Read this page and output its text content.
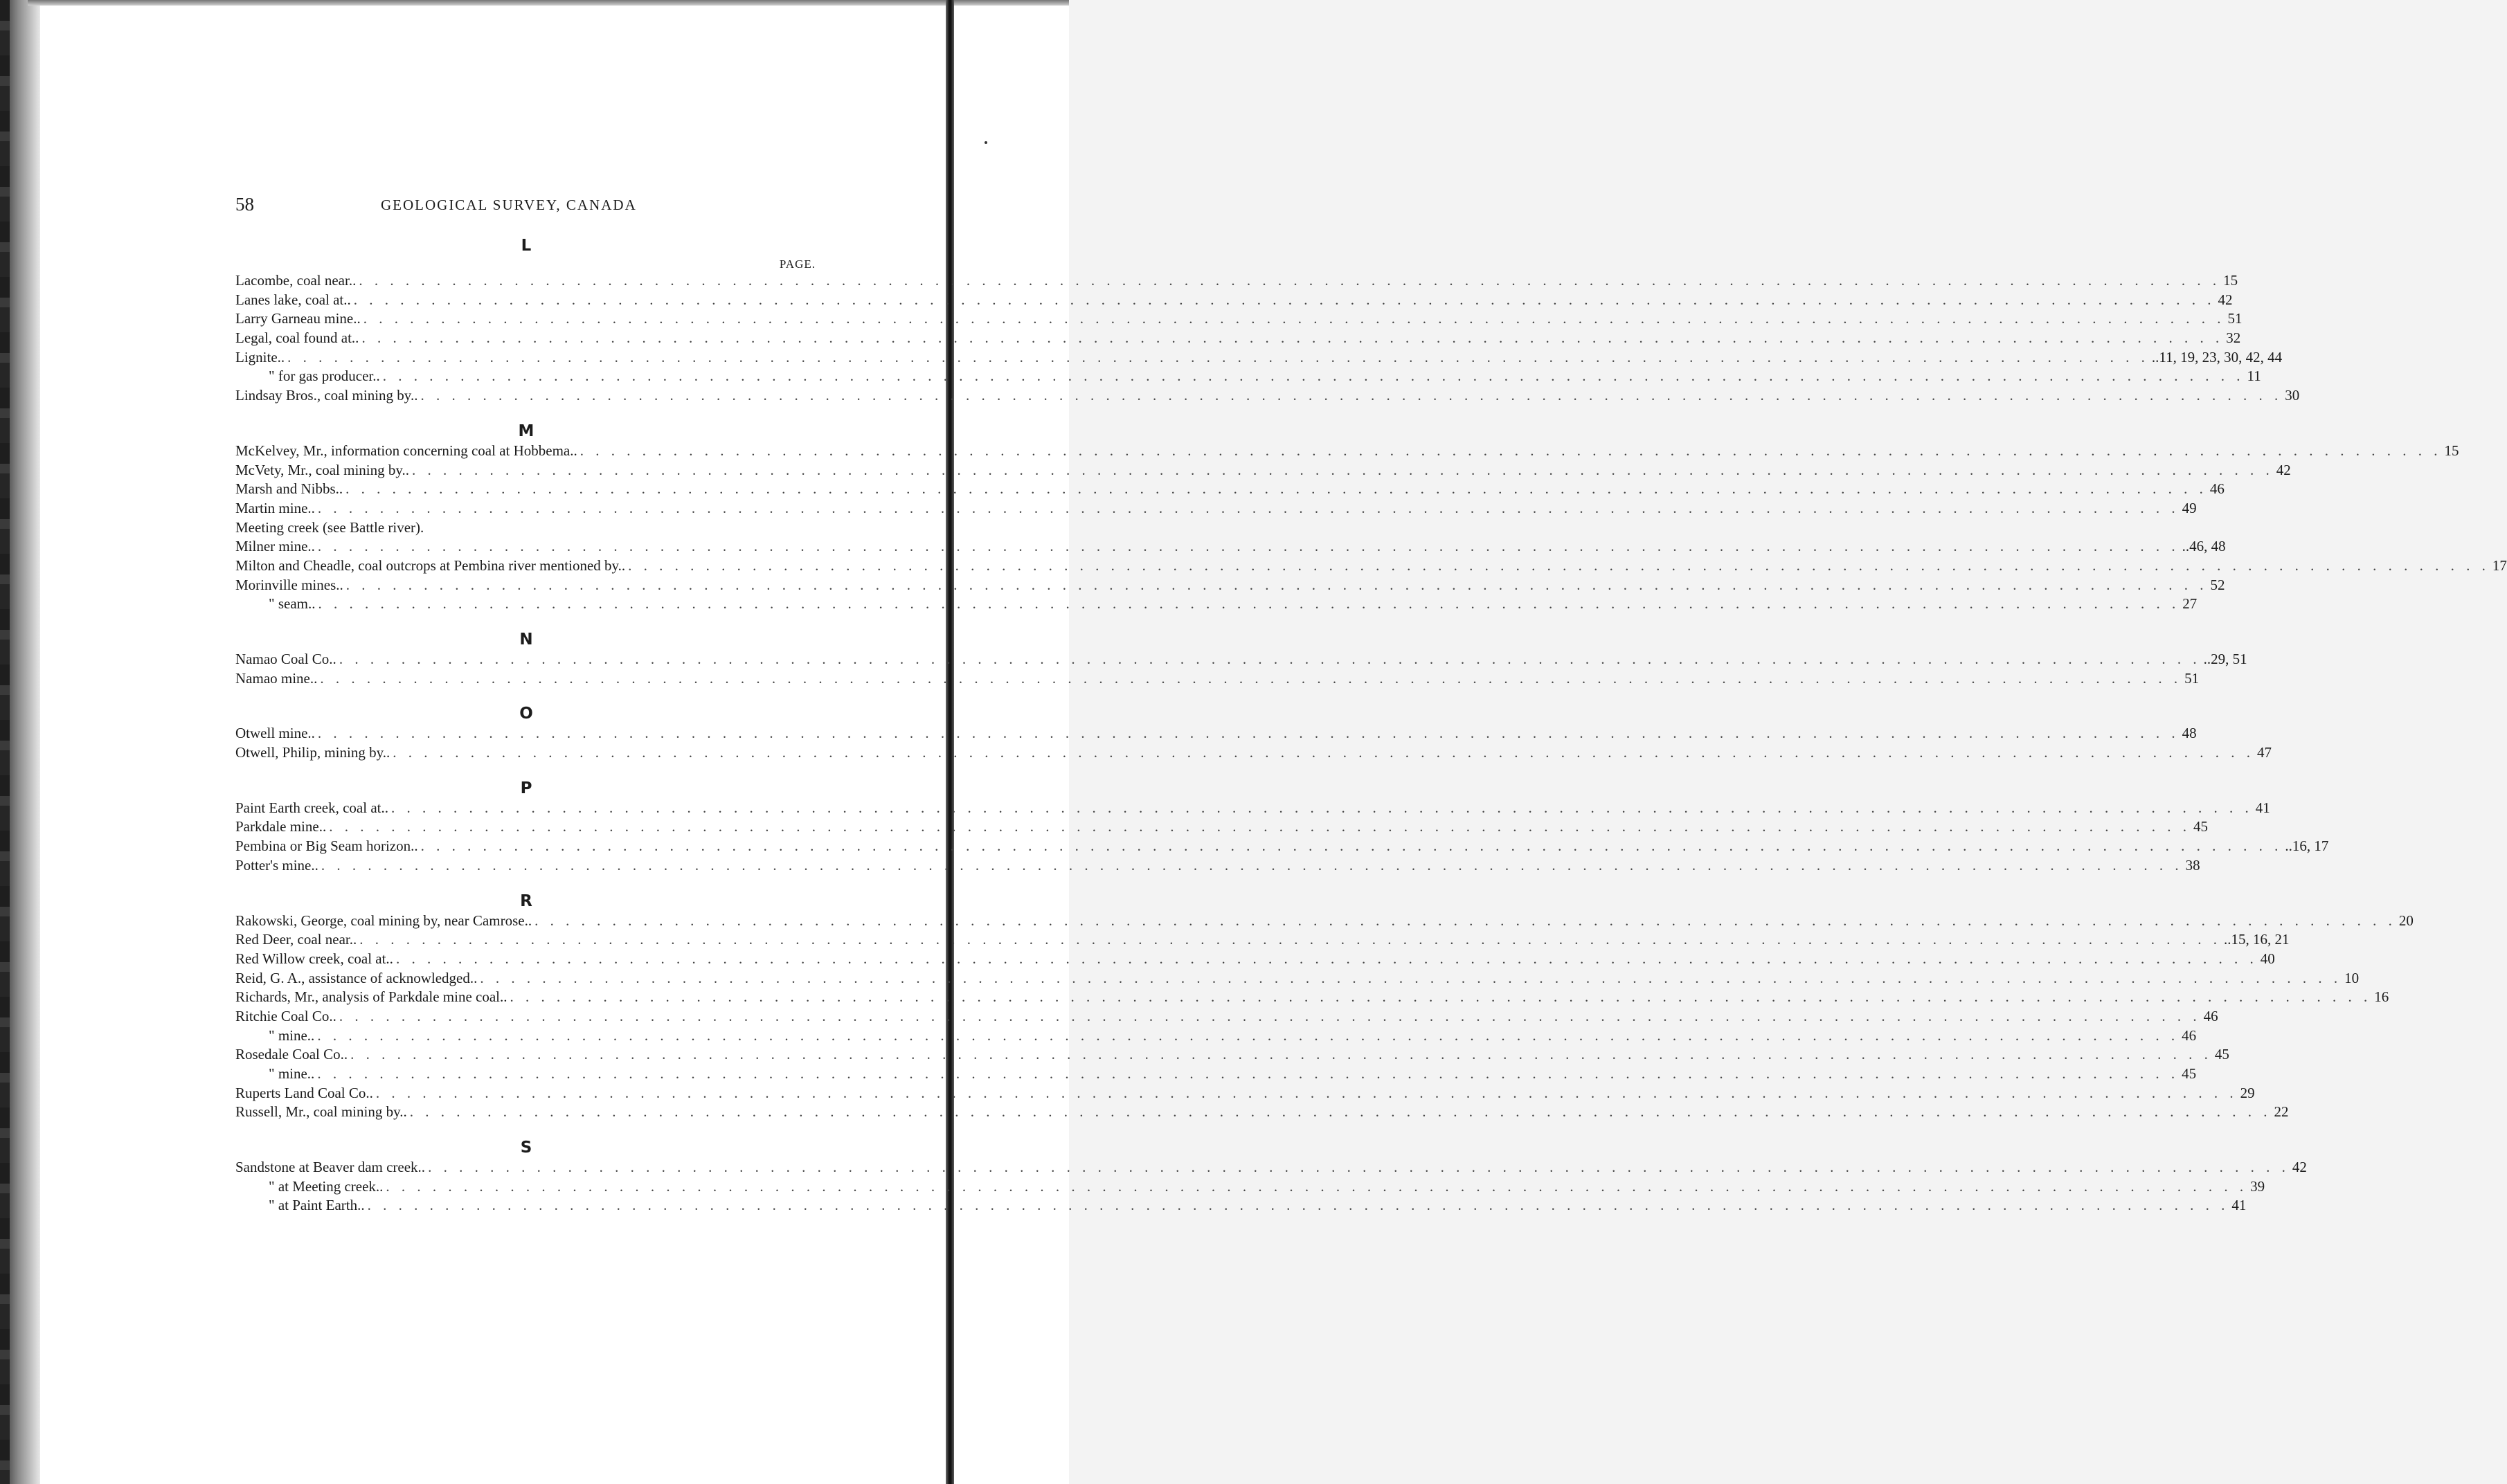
58	GEOLOGICAL SURVEY, CANADA
L
PAGE.
Lacombe, coal near.. . . . . . . . . . . . . . . . . . . . . . . . . . . . . . . . . . . . . . . . . . . . . . . . . . . . . . . . . . . . . . . . . . . . . . . . . . . . . . . . . . . . . . . . . . . . . . . . . . . . . . . . . . . . . . . . . . . . . . . . . 15
Lanes lake, coal at.. . . . . . . . . . . . . . . . . . . . . . . . . . . . . . . . . . . . . . . . . . . . . . . . . . . . . . . . . . . . . . . . . . . . . . . . . . . . . . . . . . . . . . . . . . . . . . . . . . . . . . . . . . . . . . . . . . . . . . . . . 42
Larry Garneau mine.. . . . . . . . . . . . . . . . . . . . . . . . . . . . . . . . . . . . . . . . . . . . . . . . . . . . . . . . . . . . . . . . . . . . . . . . . . . . . . . . . . . . . . . . . . . . . . . . . . . . . . . . . . . . . . . . . . . . . . . . . 51
Legal, coal found at.. . . . . . . . . . . . . . . . . . . . . . . . . . . . . . . . . . . . . . . . . . . . . . . . . . . . . . . . . . . . . . . . . . . . . . . . . . . . . . . . . . . . . . . . . . . . . . . . . . . . . . . . . . . . . . . . . . . . . . . . . 32
Lignite.. . . . . . . . . . . . . . . . . . . . . . . . . . . . . . . . . . . . . . . . . . . . . . . . . . . . . . . . . . . . . . . . . . . . . . . . . . . . . . . . . . . . . . . . . . . . . . . . . . . . . . . . . . . . . . . . . . . . . . . . . ..11, 19, 23, 30, 42, 44
" for gas producer.. . . . . . . . . . . . . . . . . . . . . . . . . . . . . . . . . . . . . . . . . . . . . . . . . . . . . . . . . . . . . . . . . . . . . . . . . . . . . . . . . . . . . . . . . . . . . . . . . . . . . . . . . . . . . . . . . . . . . . . . . 11
Lindsay Bros., coal mining by.. . . . . . . . . . . . . . . . . . . . . . . . . . . . . . . . . . . . . . . . . . . . . . . . . . . . . . . . . . . . . . . . . . . . . . . . . . . . . . . . . . . . . . . . . . . . . . . . . . . . . . . . . . . . . . . . . . . . . . . . . 30
M
McKelvey, Mr., information concerning coal at Hobbema.. . . . . . . . . . . . . . . . . . . . . . . . . . . . . . . . . . . . . . . . . . . . . . . . . . . . . . . . . . . . . . . . . . . . . . . . . . . . . . . . . . . . . . . . . . . . . . . . . . . . . . . . . . . . . . . . . . . . . . . . . 15
McVety, Mr., coal mining by.. . . . . . . . . . . . . . . . . . . . . . . . . . . . . . . . . . . . . . . . . . . . . . . . . . . . . . . . . . . . . . . . . . . . . . . . . . . . . . . . . . . . . . . . . . . . . . . . . . . . . . . . . . . . . . . . . . . . . . . . . 42
Marsh and Nibbs.. . . . . . . . . . . . . . . . . . . . . . . . . . . . . . . . . . . . . . . . . . . . . . . . . . . . . . . . . . . . . . . . . . . . . . . . . . . . . . . . . . . . . . . . . . . . . . . . . . . . . . . . . . . . . . . . . . . . . . . . . 46
Martin mine.. . . . . . . . . . . . . . . . . . . . . . . . . . . . . . . . . . . . . . . . . . . . . . . . . . . . . . . . . . . . . . . . . . . . . . . . . . . . . . . . . . . . . . . . . . . . . . . . . . . . . . . . . . . . . . . . . . . . . . . . . 49
Meeting creek (see Battle river).
Milner mine.. . . . . . . . . . . . . . . . . . . . . . . . . . . . . . . . . . . . . . . . . . . . . . . . . . . . . . . . . . . . . . . . . . . . . . . . . . . . . . . . . . . . . . . . . . . . . . . . . . . . . . . . . . . . . . . . . . . . . . . . . ..46, 48
Milton and Cheadle, coal outcrops at Pembina river mentioned by.. . . . . . . . . . . . . . . . . . . . . . . . . . . . . . . . . . . . . . . . . . . . . . . . . . . . . . . . . . . . . . . . . . . . . . . . . . . . . . . . . . . . . . . . . . . . . . . . . . . . . . . . . . . . . . . . . . . . . . . . . 17
Morinville mines.. . . . . . . . . . . . . . . . . . . . . . . . . . . . . . . . . . . . . . . . . . . . . . . . . . . . . . . . . . . . . . . . . . . . . . . . . . . . . . . . . . . . . . . . . . . . . . . . . . . . . . . . . . . . . . . . . . . . . . . . . 52
" seam.. . . . . . . . . . . . . . . . . . . . . . . . . . . . . . . . . . . . . . . . . . . . . . . . . . . . . . . . . . . . . . . . . . . . . . . . . . . . . . . . . . . . . . . . . . . . . . . . . . . . . . . . . . . . . . . . . . . . . . . . . 27
N
Namao Coal Co.. . . . . . . . . . . . . . . . . . . . . . . . . . . . . . . . . . . . . . . . . . . . . . . . . . . . . . . . . . . . . . . . . . . . . . . . . . . . . . . . . . . . . . . . . . . . . . . . . . . . . . . . . . . . . . . . . . . . . . . . . ..29, 51
Namao mine.. . . . . . . . . . . . . . . . . . . . . . . . . . . . . . . . . . . . . . . . . . . . . . . . . . . . . . . . . . . . . . . . . . . . . . . . . . . . . . . . . . . . . . . . . . . . . . . . . . . . . . . . . . . . . . . . . . . . . . . . . 51
O
Otwell mine.. . . . . . . . . . . . . . . . . . . . . . . . . . . . . . . . . . . . . . . . . . . . . . . . . . . . . . . . . . . . . . . . . . . . . . . . . . . . . . . . . . . . . . . . . . . . . . . . . . . . . . . . . . . . . . . . . . . . . . . . . 48
Otwell, Philip, mining by.. . . . . . . . . . . . . . . . . . . . . . . . . . . . . . . . . . . . . . . . . . . . . . . . . . . . . . . . . . . . . . . . . . . . . . . . . . . . . . . . . . . . . . . . . . . . . . . . . . . . . . . . . . . . . . . . . . . . . . . . . 47
P
Paint Earth creek, coal at.. . . . . . . . . . . . . . . . . . . . . . . . . . . . . . . . . . . . . . . . . . . . . . . . . . . . . . . . . . . . . . . . . . . . . . . . . . . . . . . . . . . . . . . . . . . . . . . . . . . . . . . . . . . . . . . . . . . . . . . . . 41
Parkdale mine.. . . . . . . . . . . . . . . . . . . . . . . . . . . . . . . . . . . . . . . . . . . . . . . . . . . . . . . . . . . . . . . . . . . . . . . . . . . . . . . . . . . . . . . . . . . . . . . . . . . . . . . . . . . . . . . . . . . . . . . . . 45
Pembina or Big Seam horizon.. . . . . . . . . . . . . . . . . . . . . . . . . . . . . . . . . . . . . . . . . . . . . . . . . . . . . . . . . . . . . . . . . . . . . . . . . . . . . . . . . . . . . . . . . . . . . . . . . . . . . . . . . . . . . . . . . . . . . . . . . ..16, 17
Potter's mine.. . . . . . . . . . . . . . . . . . . . . . . . . . . . . . . . . . . . . . . . . . . . . . . . . . . . . . . . . . . . . . . . . . . . . . . . . . . . . . . . . . . . . . . . . . . . . . . . . . . . . . . . . . . . . . . . . . . . . . . . . 38
R
Rakowski, George, coal mining by, near Camrose.. . . . . . . . . . . . . . . . . . . . . . . . . . . . . . . . . . . . . . . . . . . . . . . . . . . . . . . . . . . . . . . . . . . . . . . . . . . . . . . . . . . . . . . . . . . . . . . . . . . . . . . . . . . . . . . . . . . . . . . . . 20
Red Deer, coal near.. . . . . . . . . . . . . . . . . . . . . . . . . . . . . . . . . . . . . . . . . . . . . . . . . . . . . . . . . . . . . . . . . . . . . . . . . . . . . . . . . . . . . . . . . . . . . . . . . . . . . . . . . . . . . . . . . . . . . . . . . ..15, 16, 21
Red Willow creek, coal at.. . . . . . . . . . . . . . . . . . . . . . . . . . . . . . . . . . . . . . . . . . . . . . . . . . . . . . . . . . . . . . . . . . . . . . . . . . . . . . . . . . . . . . . . . . . . . . . . . . . . . . . . . . . . . . . . . . . . . . . . . 40
Reid, G. A., assistance of acknowledged.. . . . . . . . . . . . . . . . . . . . . . . . . . . . . . . . . . . . . . . . . . . . . . . . . . . . . . . . . . . . . . . . . . . . . . . . . . . . . . . . . . . . . . . . . . . . . . . . . . . . . . . . . . . . . . . . . . . . . . . . . 10
Richards, Mr., analysis of Parkdale mine coal.. . . . . . . . . . . . . . . . . . . . . . . . . . . . . . . . . . . . . . . . . . . . . . . . . . . . . . . . . . . . . . . . . . . . . . . . . . . . . . . . . . . . . . . . . . . . . . . . . . . . . . . . . . . . . . . . . . . . . . . . . 16
Ritchie Coal Co.. . . . . . . . . . . . . . . . . . . . . . . . . . . . . . . . . . . . . . . . . . . . . . . . . . . . . . . . . . . . . . . . . . . . . . . . . . . . . . . . . . . . . . . . . . . . . . . . . . . . . . . . . . . . . . . . . . . . . . . . . 46
" mine.. . . . . . . . . . . . . . . . . . . . . . . . . . . . . . . . . . . . . . . . . . . . . . . . . . . . . . . . . . . . . . . . . . . . . . . . . . . . . . . . . . . . . . . . . . . . . . . . . . . . . . . . . . . . . . . . . . . . . . . . . 46
Rosedale Coal Co.. . . . . . . . . . . . . . . . . . . . . . . . . . . . . . . . . . . . . . . . . . . . . . . . . . . . . . . . . . . . . . . . . . . . . . . . . . . . . . . . . . . . . . . . . . . . . . . . . . . . . . . . . . . . . . . . . . . . . . . . . 45
" mine.. . . . . . . . . . . . . . . . . . . . . . . . . . . . . . . . . . . . . . . . . . . . . . . . . . . . . . . . . . . . . . . . . . . . . . . . . . . . . . . . . . . . . . . . . . . . . . . . . . . . . . . . . . . . . . . . . . . . . . . . . 45
Ruperts Land Coal Co.. . . . . . . . . . . . . . . . . . . . . . . . . . . . . . . . . . . . . . . . . . . . . . . . . . . . . . . . . . . . . . . . . . . . . . . . . . . . . . . . . . . . . . . . . . . . . . . . . . . . . . . . . . . . . . . . . . . . . . . . . 29
Russell, Mr., coal mining by.. . . . . . . . . . . . . . . . . . . . . . . . . . . . . . . . . . . . . . . . . . . . . . . . . . . . . . . . . . . . . . . . . . . . . . . . . . . . . . . . . . . . . . . . . . . . . . . . . . . . . . . . . . . . . . . . . . . . . . . . . 22
S
Sandstone at Beaver dam creek.. . . . . . . . . . . . . . . . . . . . . . . . . . . . . . . . . . . . . . . . . . . . . . . . . . . . . . . . . . . . . . . . . . . . . . . . . . . . . . . . . . . . . . . . . . . . . . . . . . . . . . . . . . . . . . . . . . . . . . . . . 42
" at Meeting creek.. . . . . . . . . . . . . . . . . . . . . . . . . . . . . . . . . . . . . . . . . . . . . . . . . . . . . . . . . . . . . . . . . . . . . . . . . . . . . . . . . . . . . . . . . . . . . . . . . . . . . . . . . . . . . . . . . . . . . . . . . 39
" at Paint Earth.. . . . . . . . . . . . . . . . . . . . . . . . . . . . . . . . . . . . . . . . . . . . . . . . . . . . . . . . . . . . . . . . . . . . . . . . . . . . . . . . . . . . . . . . . . . . . . . . . . . . . . . . . . . . . . . . . . . . . . . . . 41
